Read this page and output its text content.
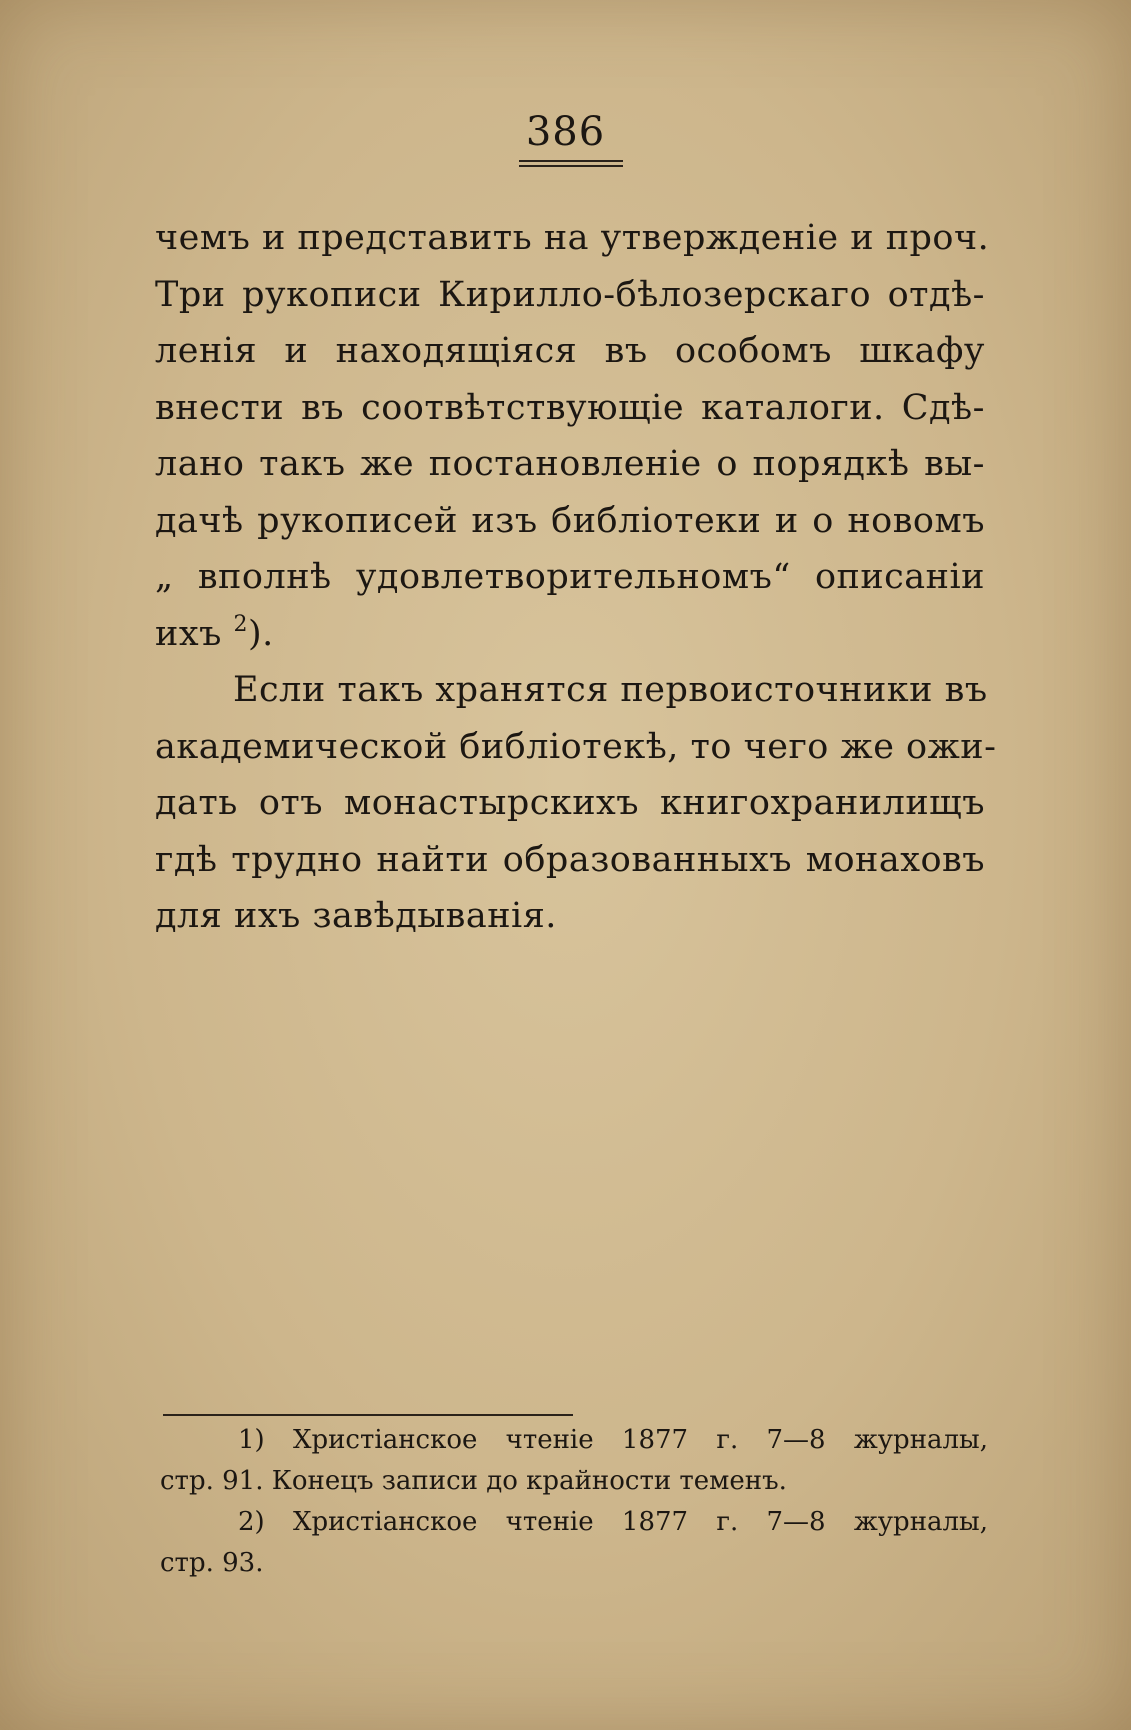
386
чемъ и представить на утвержденіе и проч.
Три рукописи Кирилло-бѣлозерскаго отдѣ-
ленія и находящіяся въ особомъ шкафу
внести въ соотвѣтствующіе каталоги. Сдѣ-
лано такъ же постановленіе о порядкѣ вы-
дачѣ рукописей изъ библіотеки и о новомъ
„ вполнѣ удовлетворительномъ“ описаніи
ихъ $^2$).
Если такъ хранятся первоисточники въ
академической библіотекѣ, то чего же ожи-
дать отъ монастырскихъ книгохранилищъ
гдѣ трудно найти образованныхъ монаховъ
для ихъ завѣдыванія.
1) Христіанское чтеніе 1877 г. 7—8 журналы,
стр. 91. Конецъ записи до крайности теменъ.
2) Христіанское чтеніе 1877 г. 7—8 журналы,
стр. 93.
